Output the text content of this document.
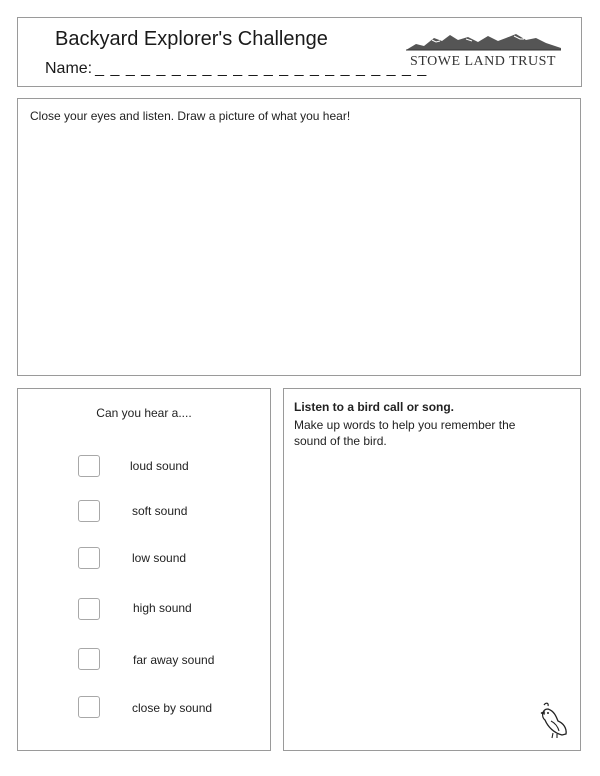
Backyard Explorer's Challenge
Name: _ _ _ _ _ _ _ _ _ _ _ _ _ _ _ _ _ _ _ _ _ _
STOWE LAND TRUST
Close your eyes and listen. Draw a picture of what you hear!
Can you hear a....
loud sound
soft sound
low sound
high sound
far away sound
close by sound
Listen to a bird call or song.
Make up words to help you remember the sound of the bird.
